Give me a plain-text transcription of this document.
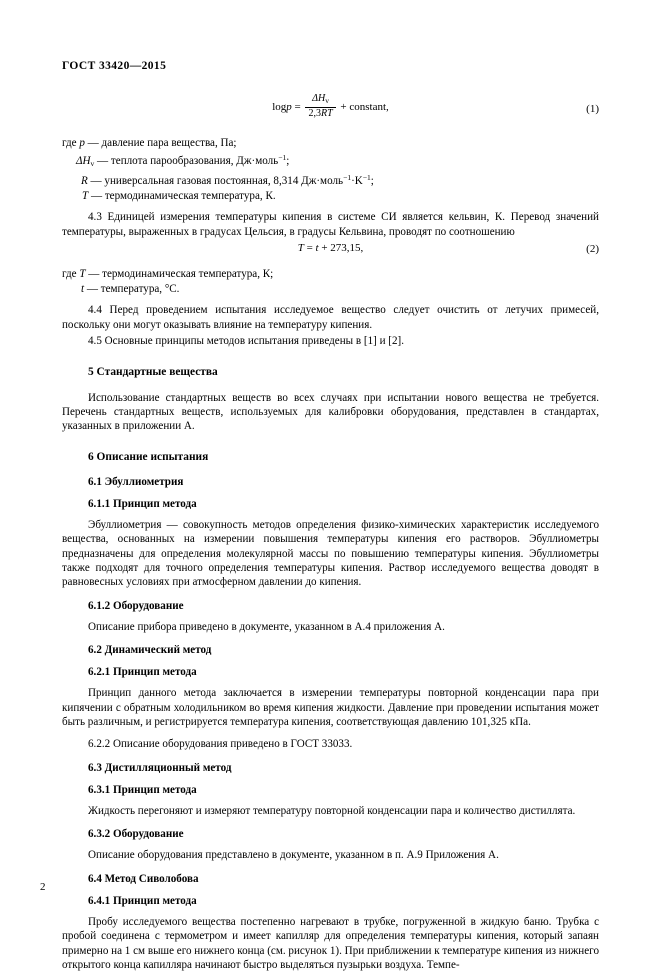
ГОСТ 33420—2015
$\log p = \frac{\Delta H_v}{2,3RT}$ + constant,	(1)
где p — давление пара вещества, Па;
$\Delta H_v$ — теплота парообразования, Дж·моль$^{-1}$;
R — универсальная газовая постоянная, 8,314 $Дж\cdot моль^{-1}\cdot K^{-1}$;
T — термодинамическая температура, К.
4.3 Единицей измерения температуры кипения в системе СИ является кельвин, К. Перевод значений температуры, выраженных в градусах Цельсия, в градусы Кельвина, проводят по соотношению
T = t + 273,15,	(2)
где T — термодинамическая температура, К;
t — температура, °С.
4.4 Перед проведением испытания исследуемое вещество следует очистить от летучих примесей, поскольку они могут оказывать влияние на температуру кипения.
4.5 Основные принципы методов испытания приведены в [1] и [2].
5 Стандартные вещества
Использование стандартных веществ во всех случаях при испытании нового вещества не требуется. Перечень стандартных веществ, используемых для калибровки оборудования, представлен в стандартах, указанных в приложении А.
6 Описание испытания
6.1 Эбуллиометрия
6.1.1 Принцип метода
Эбуллиометрия — совокупность методов определения физико-химических характеристик исследуемого вещества, основанных на измерении повышения температуры кипения его растворов. Эбуллиометры предназначены для определения молекулярной массы по повышению температуры кипения. Эбуллиометры также подходят для точного определения температуры кипения. Раствор исследуемого вещества доводят в равновесных условиях при атмосферном давлении до кипения.
6.1.2 Оборудование
Описание прибора приведено в документе, указанном в А.4 приложения А.
6.2 Динамический метод
6.2.1 Принцип метода
Принцип данного метода заключается в измерении температуры повторной конденсации пара при кипячении с обратным холодильником во время кипения жидкости. Давление при проведении испытания может быть различным, и регистрируется температура кипения, соответствующая давлению 101,325 кПа.
6.2.2 Описание оборудования приведено в ГОСТ 33033.
6.3 Дистилляционный метод
6.3.1 Принцип метода
Жидкость перегоняют и измеряют температуру повторной конденсации пара и количество дистиллята.
6.3.2 Оборудование
Описание оборудования представлено в документе, указанном в п. А.9 Приложения А.
6.4 Метод Сиволобова
6.4.1 Принцип метода
Пробу исследуемого вещества постепенно нагревают в трубке, погруженной в жидкую баню. Трубка с пробой соединена с термометром и имеет капилляр для определения температуры кипения, который запаян примерно на 1 см выше его нижнего конца (см. рисунок 1). При приближении к температуре кипения из нижнего открытого конца капилляра начинают быстро выделяться пузырьки воздуха. Темпе-
2
